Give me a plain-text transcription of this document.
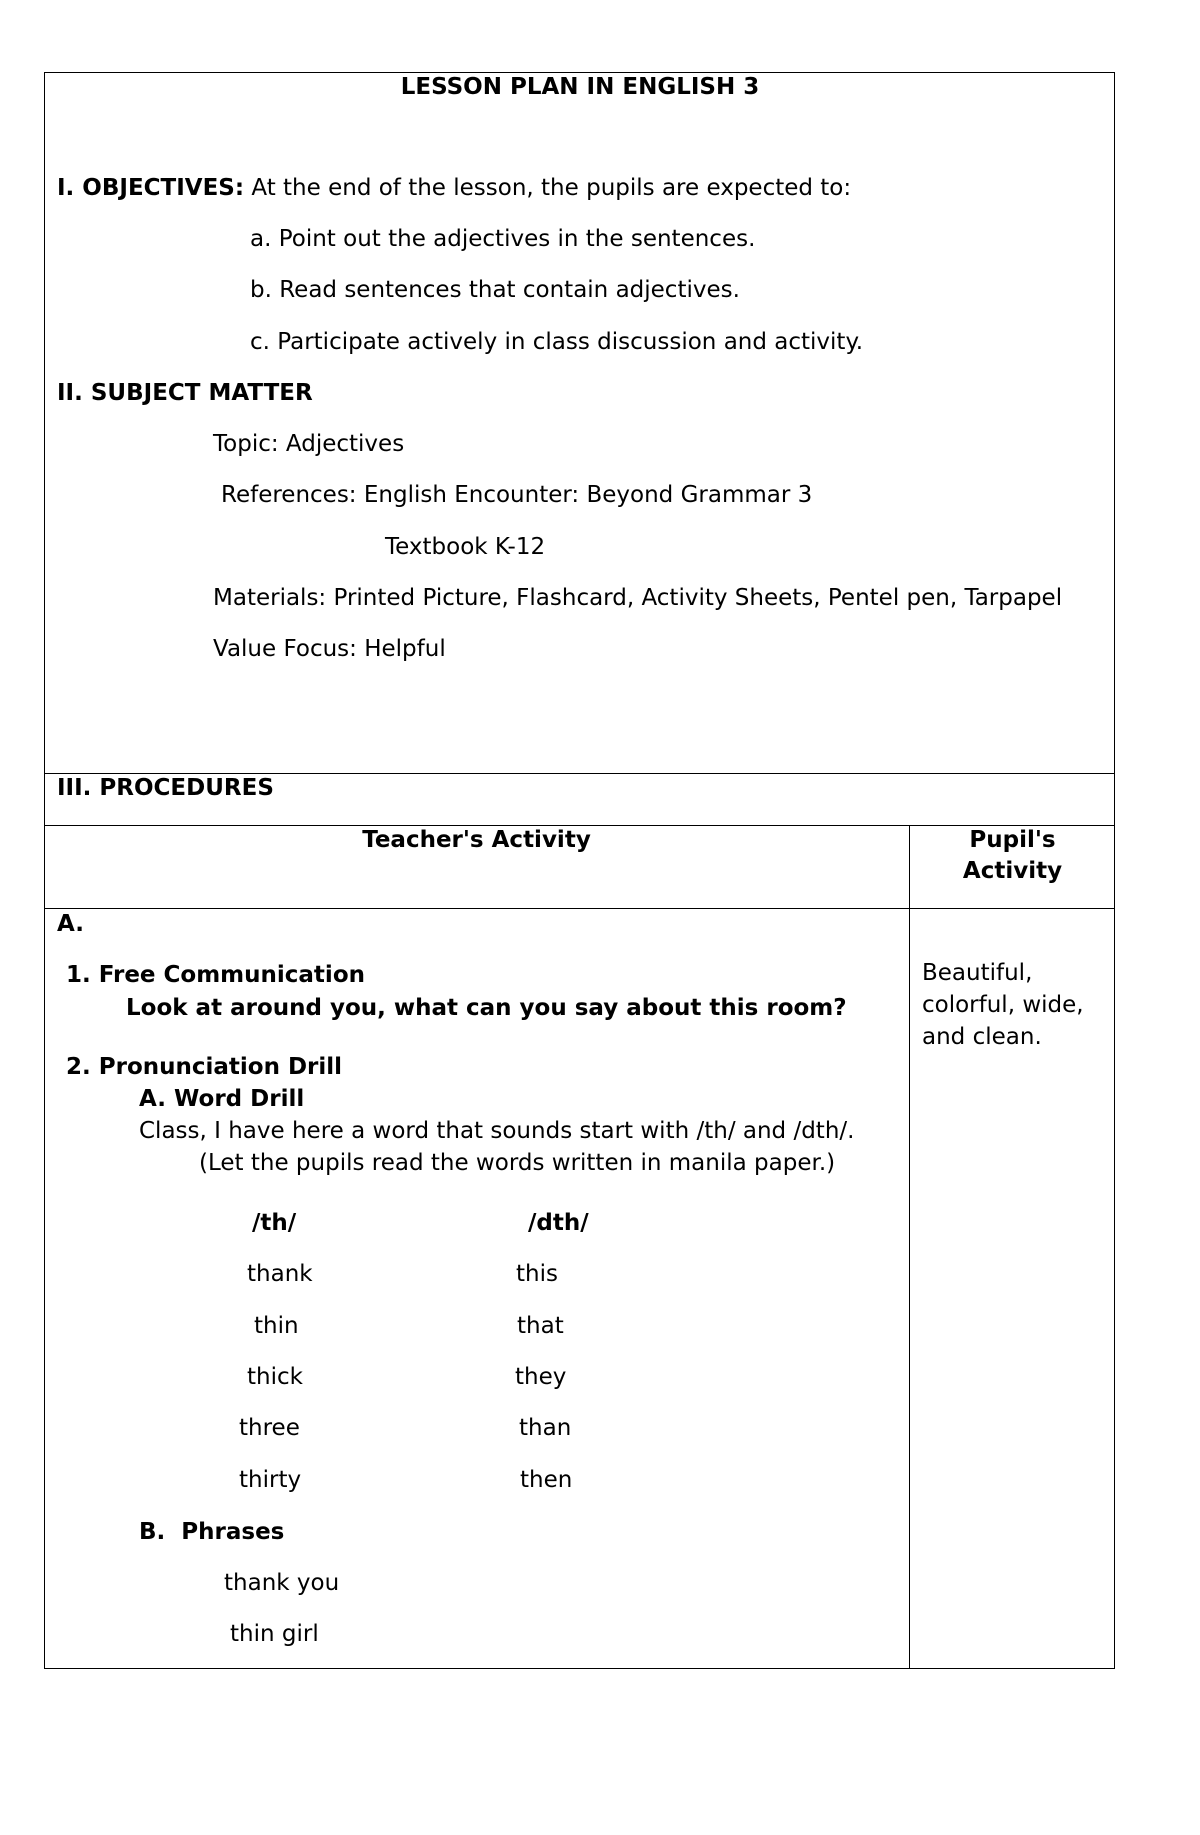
LESSON PLAN IN ENGLISH 3
I. OBJECTIVES: At the end of the lesson, the pupils are expected to:
a. Point out the adjectives in the sentences.
b. Read sentences that contain adjectives.
c. Participate actively in class discussion and activity.
II. SUBJECT MATTER
Topic: Adjectives
References: English Encounter: Beyond Grammar 3
Textbook K-12
Materials: Printed Picture, Flashcard, Activity Sheets, Pentel pen, Tarpapel
Value Focus: Helpful
III. PROCEDURES
Teacher's Activity	Pupil's
Activity
A.
1. Free Communication
Look at around you, what can you say about this room?
Beautiful,
colorful, wide,
and clean.
2. Pronunciation Drill
A. Word Drill
Class, I have here a word that sounds start with /th/ and /dth/.
(Let the pupils read the words written in manila paper.)
/th/	/dth/
thank
thin
thick
three
thirty
this
that
they
than
then
B.  Phrases
thank you
thin girl
